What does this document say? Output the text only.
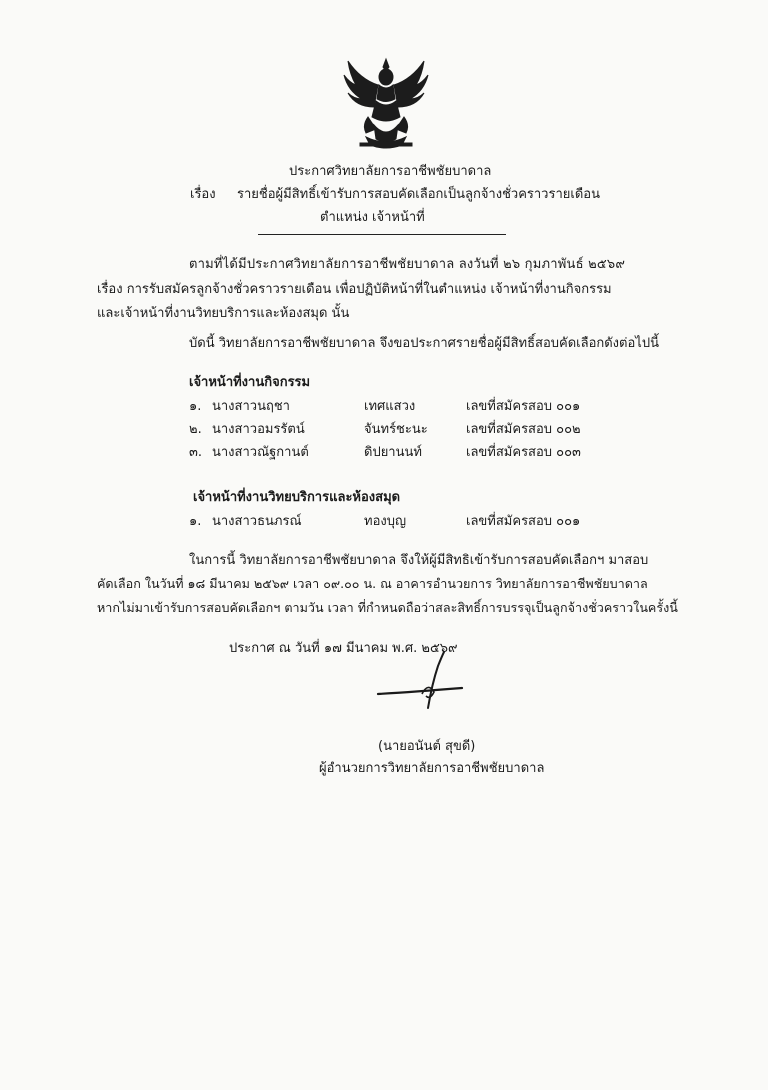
ประกาศวิทยาลัยการอาชีพชัยบาดาล
เรื่อง รายชื่อผู้มีสิทธิ์เข้ารับการสอบคัดเลือกเป็นลูกจ้างชั่วคราวรายเดือน
ตำแหน่ง เจ้าหน้าที่
ตามที่ได้มีประกาศวิทยาลัยการอาชีพชัยบาดาล ลงวันที่ ๒๖ กุมภาพันธ์ ๒๕๖๙
เรื่อง การรับสมัครลูกจ้างชั่วคราวรายเดือน เพื่อปฏิบัติหน้าที่ในตำแหน่ง เจ้าหน้าที่งานกิจกรรม
และเจ้าหน้าที่งานวิทยบริการและห้องสมุด นั้น
บัดนี้ วิทยาลัยการอาชีพชัยบาดาล จึงขอประกาศรายชื่อผู้มีสิทธิ์สอบคัดเลือกดังต่อไปนี้
เจ้าหน้าที่งานกิจกรรม
๑. นางสาวนฤชา	เทศแสวง	เลขที่สมัครสอบ ๐๐๑
๒. นางสาวอมรรัตน์	จันทร์ชะนะ	เลขที่สมัครสอบ ๐๐๒
๓. นางสาวณัฐกานต์	ดิปยานนท์	เลขที่สมัครสอบ ๐๐๓
เจ้าหน้าที่งานวิทยบริการและห้องสมุด
๑. นางสาวธนภรณ์	ทองบุญ	เลขที่สมัครสอบ ๐๐๑
ในการนี้ วิทยาลัยการอาชีพชัยบาดาล จึงให้ผู้มีสิทธิเข้ารับการสอบคัดเลือกฯ มาสอบ
คัดเลือก ในวันที่ ๑๘ มีนาคม ๒๕๖๙ เวลา ๐๙.๐๐ น. ณ อาคารอำนวยการ วิทยาลัยการอาชีพชัยบาดาล
หากไม่มาเข้ารับการสอบคัดเลือกฯ ตามวัน เวลา ที่กำหนดถือว่าสละสิทธิ์การบรรจุเป็นลูกจ้างชั่วคราวในครั้งนี้
ประกาศ ณ วันที่ ๑๗ มีนาคม พ.ศ. ๒๕๖๙
(นายอนันต์ สุขดี)
ผู้อำนวยการวิทยาลัยการอาชีพชัยบาดาล
